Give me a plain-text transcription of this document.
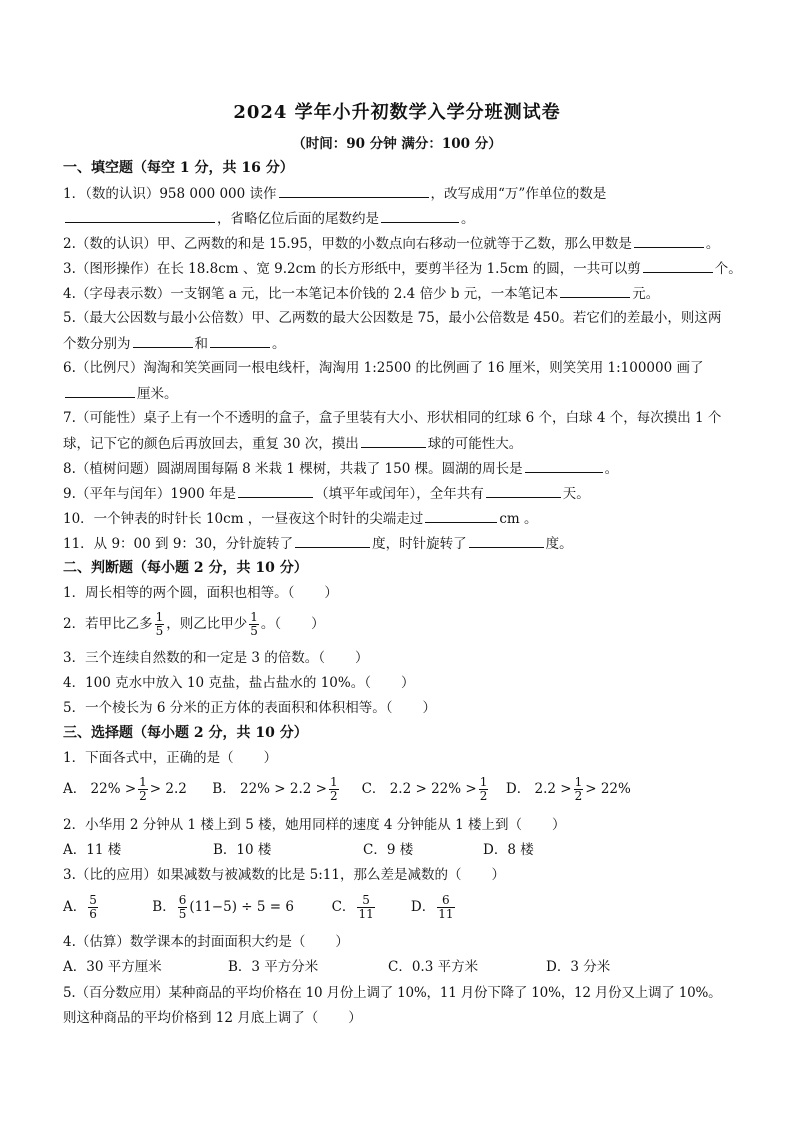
2024 学年小升初数学入学分班测试卷
（时间：90 分钟 满分：100 分）
一、填空题（每空 1 分，共 16 分）
1．（数的认识）958 000 000 读作	，改写成用“万”作单位的数是
，省略亿位后面的尾数约是	。
2.（数的认识）甲、乙两数的和是 15.95，甲数的小数点向右移动一位就等于乙数，那么甲数是	。
3.（图形操作）在长 18.8cm 、宽 9.2cm 的长方形纸中，要剪半径为 1.5cm 的圆，一共可以剪	个。
4.（字母表示数）一支钢笔 a 元，比一本笔记本价钱的 2.4 倍少 b 元，一本笔记本	元。
5.（最大公因数与最小公倍数）甲、乙两数的最大公因数是 75，最小公倍数是 450。若它们的差最小，则这两
个数分别为	和	。
6.（比例尺）淘淘和笑笑画同一根电线杆，淘淘用 1:2500 的比例画了 16 厘米，则笑笑用 1:100000 画了
厘米。
7.（可能性）桌子上有一个不透明的盒子，盒子里装有大小、形状相同的红球 6 个，白球 4 个，每次摸出 1 个
球，记下它的颜色后再放回去，重复 30 次，摸出	球的可能性大。
8.（植树问题）圆湖周围每隔 8 米栽 1 棵树，共栽了 150 棵。圆湖的周长是	。
9.（平年与闰年）1900 年是	（填平年或闰年），全年共有	天。
10．一个钟表的时针长 10cm ，一昼夜这个时针的尖端走过	cm 。
11．从 9：00 到 9：30，分针旋转了	度，时针旋转了	度。
二、判断题（每小题 2 分，共 10 分）
1．周长相等的两个圆，面积也相等。（ ）
2．若甲比乙多 $\frac{1}{5}$ ，则乙比甲少 $\frac{1}{5}$ 。（ ）
3．三个连续自然数的和一定是 3 的倍数。（ ）
4．100 克水中放入 10 克盐，盐占盐水的 10%。（ ）
5．一个棱长为 6 分米的正方体的表面积和体积相等。（ ）
三、选择题（每小题 2 分，共 10 分）
1．下面各式中，正确的是（ ）
A． $22\% > \frac{1}{2} > 2.2$ B． $22\% > 2.2 > \frac{1}{2}$ C． $2.2 > 22\% > \frac{1}{2}$ D． $2.2 > \frac{1}{2} > 22\%$
2．小华用 2 分钟从 1 楼上到 5 楼，她用同样的速度 4 分钟能从 1 楼上到（ ）
A．11 楼	B．10 楼	C．9 楼	D．8 楼
3.（比的应用）如果减数与被减数的比是 5:11，那么差是减数的（ ）
A． $\frac{5}{6}$	B． $\frac{6}{5} (11-5) \div 5 = 6$	C． $\frac{5}{11}$	D． $\frac{6}{11}$
4.（估算）数学课本的封面面积大约是（ ）
A．30 平方厘米	B．3 平方分米	C．0.3 平方米	D．3 分米
5.（百分数应用）某种商品的平均价格在 10 月份上调了 10%，11 月份下降了 10%，12 月份又上调了 10%。
则这种商品的平均价格到 12 月底上调了（ ）
